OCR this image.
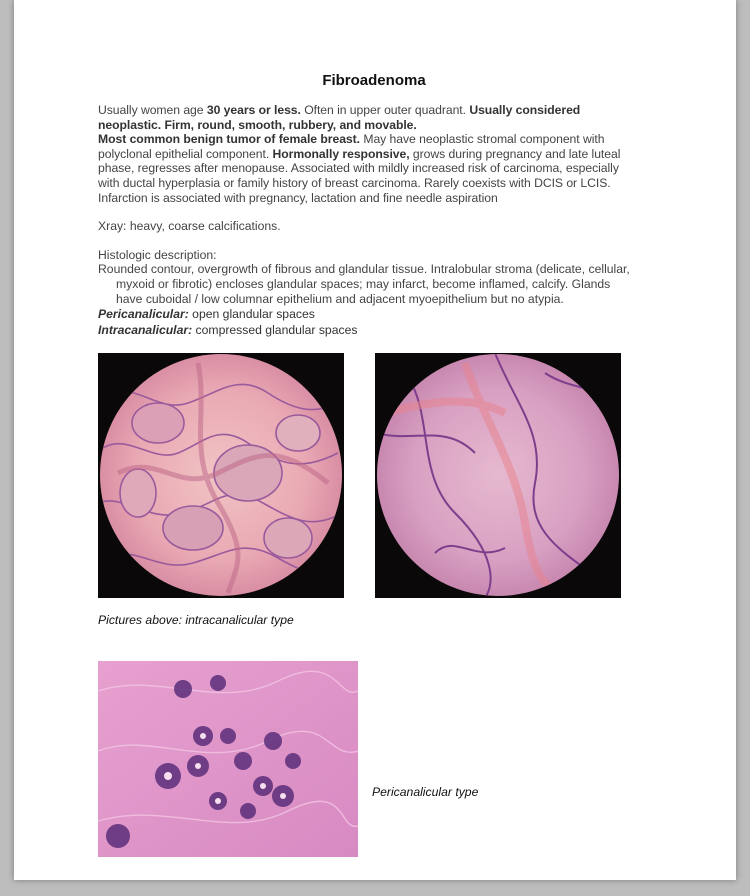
Fibroadenoma
Usually women age 30 years or less. Often in upper outer quadrant. Usually considered neoplastic. Firm, round, smooth, rubbery, and movable.
Most common benign tumor of female breast. May have neoplastic stromal component with polyclonal epithelial component. Hormonally responsive, grows during pregnancy and late luteal phase, regresses after menopause. Associated with mildly increased risk of carcinoma, especially with ductal hyperplasia or family history of breast carcinoma. Rarely coexists with DCIS or LCIS. Infarction is associated with pregnancy, lactation and fine needle aspiration
Xray: heavy, coarse calcifications.
Histologic description:
Rounded contour, overgrowth of fibrous and glandular tissue. Intralobular stroma (delicate, cellular, myxoid or fibrotic) encloses glandular spaces; may infarct, become inflamed, calcify. Glands have cuboidal / low columnar epithelium and adjacent myoepithelium but no atypia.
Pericanalicular: open glandular spaces
Intracanalicular: compressed glandular spaces
Pictures above: intracanalicular type
Pericanalicular type
